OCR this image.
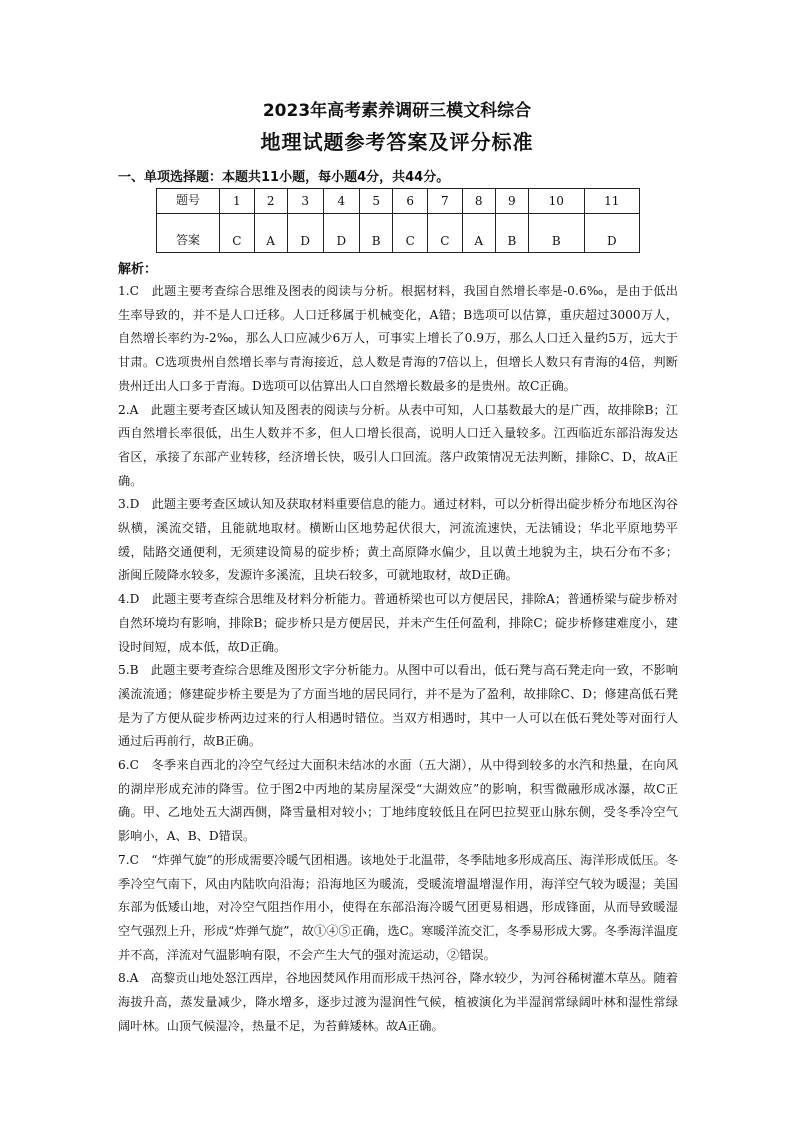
2023年高考素养调研三模文科综合
地理试题参考答案及评分标准
一、单项选择题：本题共11小题，每小题4分，共44分。
题号	1	2	3	4	5	6	7	8	9	10	11
答案	C	A	D	D	B	C	C	A	B	B	D
解析：

1.C　此题主要考查综合思维及图表的阅读与分析。根据材料，我国自然增长率是-0.6‰，是由于低出生率导致的，并不是人口迁移。人口迁移属于机械变化，A错；B选项可以估算，重庆超过3000万人，自然增长率约为-2‰，那么人口应减少6万人，可事实上增长了0.9万，那么人口迁入量约5万，远大于甘肃。C选项贵州自然增长率与青海接近，总人数是青海的7倍以上，但增长人数只有青海的4倍，判断贵州迁出人口多于青海。D选项可以估算出人口自然增长数最多的是贵州。故C正确。

2.A　此题主要考查区域认知及图表的阅读与分析。从表中可知，人口基数最大的是广西，故排除B；江西自然增长率很低，出生人数并不多，但人口增长很高，说明人口迁入量较多。江西临近东部沿海发达省区，承接了东部产业转移，经济增长快，吸引人口回流。落户政策情况无法判断，排除C、D，故A正确。

3.D　此题主要考查区域认知及获取材料重要信息的能力。通过材料，可以分析得出碇步桥分布地区沟谷纵横，溪流交错，且能就地取材。横断山区地势起伏很大，河流流速快，无法铺设；华北平原地势平缓，陆路交通便利，无须建设简易的碇步桥；黄土高原降水偏少，且以黄土地貌为主，块石分布不多；浙闽丘陵降水较多，发源许多溪流，且块石较多，可就地取材，故D正确。

4.D　此题主要考查综合思维及材料分析能力。普通桥梁也可以方便居民，排除A；普通桥梁与碇步桥对自然环境均有影响，排除B；碇步桥只是方便居民，并未产生任何盈利，排除C；碇步桥修建难度小，建设时间短，成本低，故D正确。

5.B　此题主要考查综合思维及图形文字分析能力。从图中可以看出，低石凳与高石凳走向一致，不影响溪流流通；修建碇步桥主要是为了方面当地的居民同行，并不是为了盈利，故排除C、D；修建高低石凳是为了方便从碇步桥两边过来的行人相遇时错位。当双方相遇时，其中一人可以在低石凳处等对面行人通过后再前行，故B正确。

6.C　冬季来自西北的冷空气经过大面积未结冰的水面（五大湖），从中得到较多的水汽和热量，在向风的湖岸形成充沛的降雪。位于图2中丙地的某房屋深受“大湖效应”的影响，积雪微融形成冰瀑，故C正确。甲、乙地处五大湖西侧，降雪量相对较小；丁地纬度较低且在阿巴拉契亚山脉东侧，受冬季冷空气影响小，A、B、D错误。

7.C　“炸弹气旋”的形成需要冷暖气团相遇。该地处于北温带，冬季陆地多形成高压、海洋形成低压。冬季冷空气南下，风由内陆吹向沿海；沿海地区为暖流，受暖流增温增湿作用，海洋空气较为暖湿；美国东部为低矮山地，对冷空气阻挡作用小，使得在东部沿海冷暖气团更易相遇，形成锋面，从而导致暖湿空气强烈上升，形成“炸弹气旋”，故①④⑤正确，选C。寒暖洋流交汇，冬季易形成大雾。冬季海洋温度并不高，洋流对气温影响有限，不会产生大气的强对流运动，②错误。

8.A　高黎贡山地处怒江西岸，谷地因焚风作用而形成干热河谷，降水较少，为河谷稀树灌木草丛。随着海拔升高，蒸发量减少，降水增多，逐步过渡为湿润性气候，植被演化为半湿润常绿阔叶林和湿性常绿阔叶林。山顶气候湿冷，热量不足，为苔藓矮林。故A正确。
